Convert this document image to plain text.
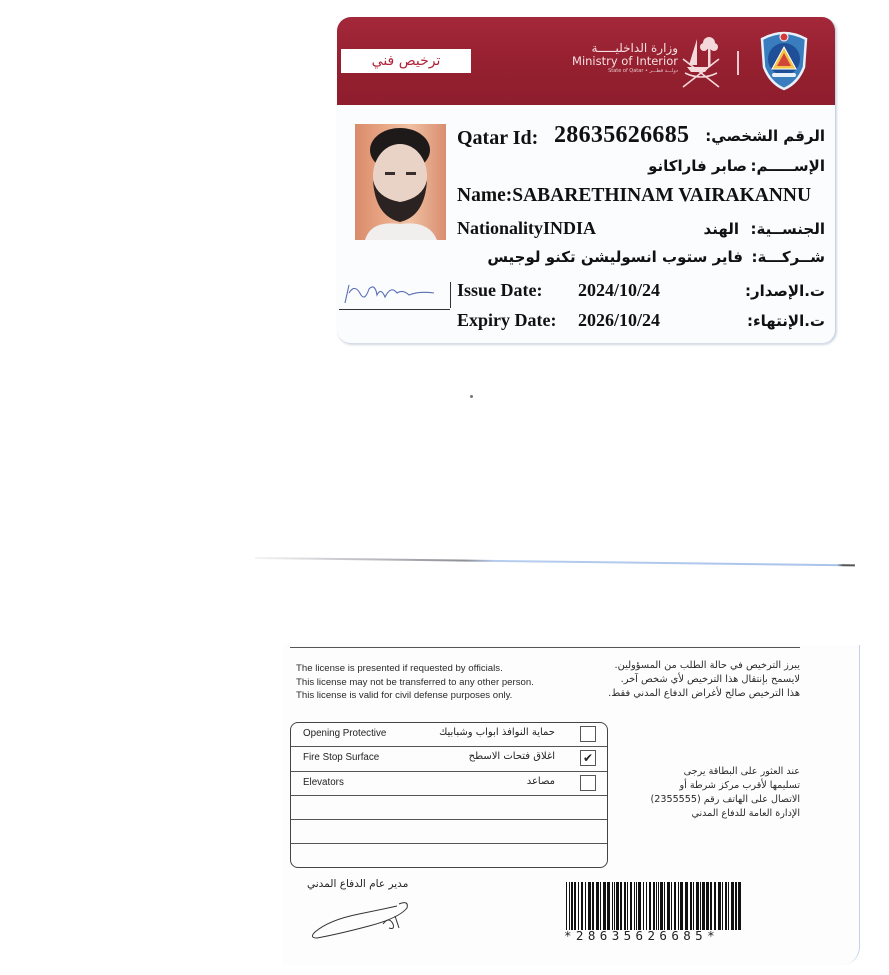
ترخيص فني
وزارة الداخليـــــة
Ministry of Interior
State of Qatar • دولـــة قطـــر
Qatar Id: 28635626685 الرقم الشخصي:
الإســـــم:
صابر فاراكانو
Name:SABARETHINAM VAIRAKANNU
NationalityINDIA	الجنســية:
الهند
شــركـــة:
فاير ستوب انسوليشن تكنو لوجيس
Issue Date: 2024/10/24	ت.الإصدار:
Expiry Date: 2026/10/24	ت.الإنتهاء:
The license is presented if requested by officials.
This license may not be transferred to any other person.
This license is valid for civil defense purposes only.
يبرز الترخيص في حالة الطلب من المسؤولين.
لايسمح بإنتقال هذا الترخيص لأي شخص آخر.
هذا الترخيص صالح لأغراض الدفاع المدني فقط.
Opening Protective	حماية النوافذ ابواب وشبابيك
Fire Stop Surface	اغلاق فتحات الاسطح ✔
Elevators	مصاعد
عند العثور على البطاقة يرجى
تسليمها لأقرب مركز شرطة أو
الاتصال على الهاتف رقم (2355555)
الإدارة العامة للدفاع المدني
مدير عام الدفاع المدني
*28635626685*
